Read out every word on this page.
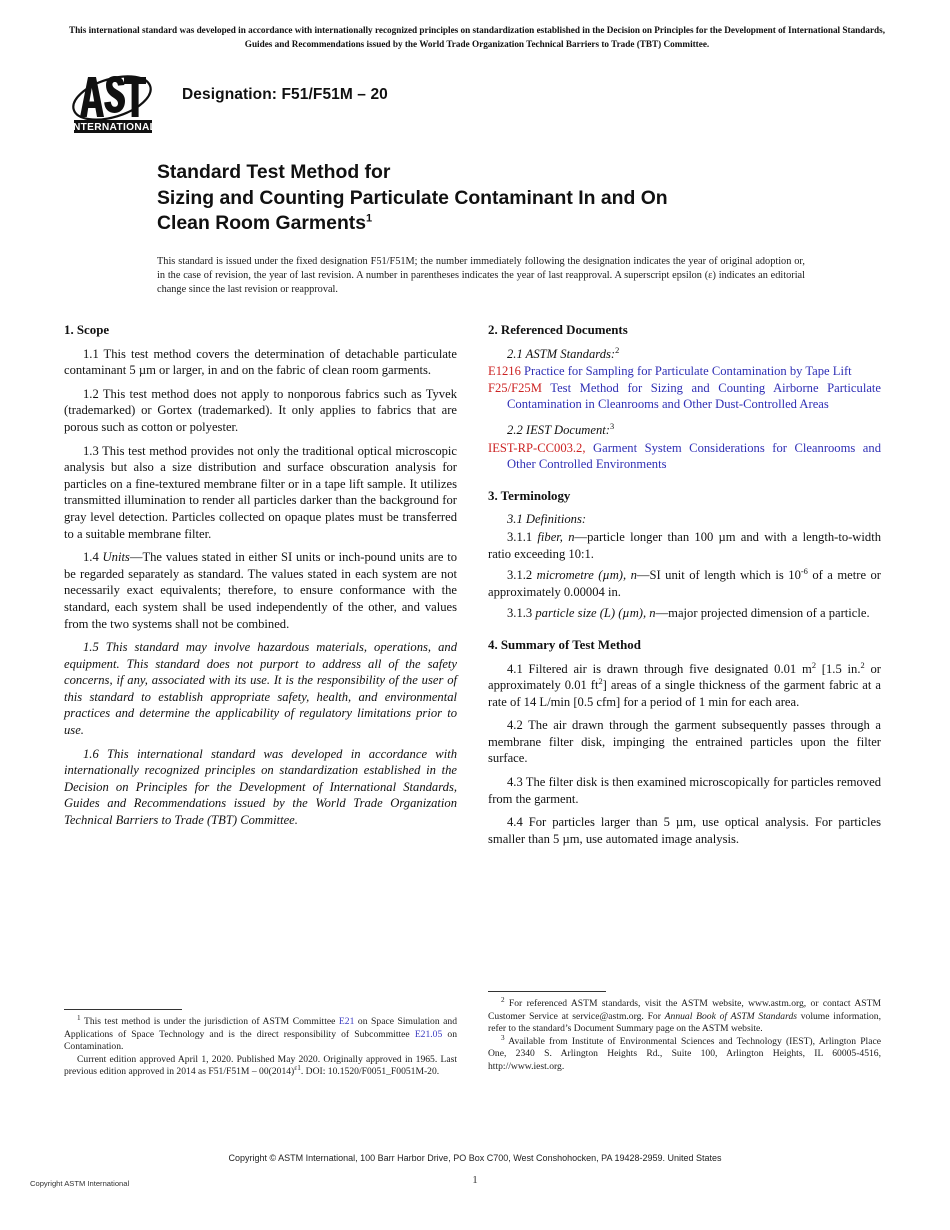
This international standard was developed in accordance with internationally recognized principles on standardization established in the Decision on Principles for the Development of International Standards, Guides and Recommendations issued by the World Trade Organization Technical Barriers to Trade (TBT) Committee.
INTERNATIONAL
Designation: F51/F51M – 20
Standard Test Method for
Sizing and Counting Particulate Contaminant In and On
Clean Room Garments$^1$
This standard is issued under the fixed designation F51/F51M; the number immediately following the designation indicates the year of original adoption or, in the case of revision, the year of last revision. A number in parentheses indicates the year of last reapproval. A superscript epsilon (ε) indicates an editorial change since the last revision or reapproval.
1. Scope

1.1 This test method covers the determination of detachable particulate contaminant 5 µm or larger, in and on the fabric of clean room garments.

1.2 This test method does not apply to nonporous fabrics such as Tyvek (trademarked) or Gortex (trademarked). It only applies to fabrics that are porous such as cotton or polyester.

1.3 This test method provides not only the traditional optical microscopic analysis but also a size distribution and surface obscuration analysis for particles on a fine-textured membrane filter or in a tape lift sample. It utilizes transmitted illumination to render all particles darker than the background for gray level detection. Particles collected on opaque plates must be transferred to a suitable membrane filter.

1.4 Units—The values stated in either SI units or inch-pound units are to be regarded separately as standard. The values stated in each system are not necessarily exact equivalents; therefore, to ensure conformance with the standard, each system shall be used independently of the other, and values from the two systems shall not be combined.

1.5 This standard may involve hazardous materials, operations, and equipment. This standard does not purport to address all of the safety concerns, if any, associated with its use. It is the responsibility of the user of this standard to establish appropriate safety, health, and environmental practices and determine the applicability of regulatory limitations prior to use.

1.6 This international standard was developed in accordance with internationally recognized principles on standardization established in the Decision on Principles for the Development of International Standards, Guides and Recommendations issued by the World Trade Organization Technical Barriers to Trade (TBT) Committee.

2. Referenced Documents

2.1 ASTM Standards:$^2$

E1216 Practice for Sampling for Particulate Contamination by Tape Lift

F25/F25M Test Method for Sizing and Counting Airborne Particulate Contamination in Cleanrooms and Other Dust-Controlled Areas

2.2 IEST Document:$^3$

IEST-RP-CC003.2, Garment System Considerations for Cleanrooms and Other Controlled Environments

3. Terminology

3.1 Definitions:

3.1.1 fiber, n—particle longer than 100 µm and with a length-to-width ratio exceeding 10:1.

3.1.2 micrometre (µm), n—SI unit of length which is $10^{-6}$ of a metre or approximately 0.00004 in.

3.1.3 particle size (L) (µm), n—major projected dimension of a particle.

4. Summary of Test Method

4.1 Filtered air is drawn through five designated 0.01 $m^2$ [1.5 in.$^2$ or approximately 0.01 $ft^2$] areas of a single thickness of the garment fabric at a rate of 14 L/min [0.5 cfm] for a period of 1 min for each area.

4.2 The air drawn through the garment subsequently passes through a membrane filter disk, impinging the entrained particles upon the filter surface.

4.3 The filter disk is then examined microscopically for particles removed from the garment.

4.4 For particles larger than 5 µm, use optical analysis. For particles smaller than 5 µm, use automated image analysis.

$^1$ This test method is under the jurisdiction of ASTM Committee E21 on Space Simulation and Applications of Space Technology and is the direct responsibility of Subcommittee E21.05 on Contamination.

Current edition approved April 1, 2020. Published May 2020. Originally approved in 1965. Last previous edition approved in 2014 as $F51/F51M - 00(2014)^{\varepsilon 1}$. DOI: 10.1520/F0051_F0051M-20.

$^2$ For referenced ASTM standards, visit the ASTM website, www.astm.org, or contact ASTM Customer Service at service@astm.org. For Annual Book of ASTM Standards volume information, refer to the standard’s Document Summary page on the ASTM website.

$^3$ Available from Institute of Environmental Sciences and Technology (IEST), Arlington Place One, 2340 S. Arlington Heights Rd., Suite 100, Arlington Heights, IL 60005-4516, http://www.iest.org.

Copyright © ASTM International, 100 Barr Harbor Drive, PO Box C700, West Conshohocken, PA 19428-2959. United States
Copyright ASTM International	1
